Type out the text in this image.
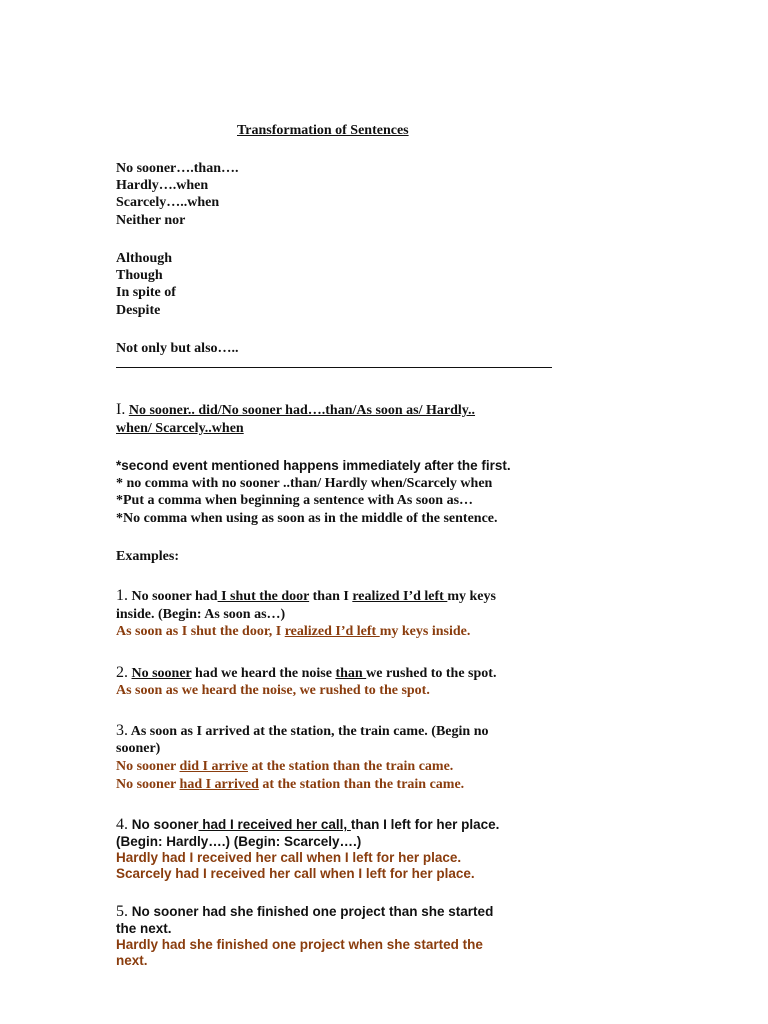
Transformation of Sentences
No sooner….than….
Hardly….when
Scarcely…..when
Neither nor
Although
Though
In spite of
Despite
Not only but also…..
I. No sooner.. did/No sooner had….than/As soon as/ Hardly..
when/ Scarcely..when
*second event mentioned happens immediately after the first.
* no comma with no sooner ..than/ Hardly when/Scarcely when
*Put a comma when beginning a sentence with As soon as…
*No comma when using as soon as in the middle of the sentence.
Examples:
1. No sooner had I shut the door than I realized I’d left my keys
inside. (Begin: As soon as…)
As soon as I shut the door, I realized I’d left my keys inside.
2. No sooner had we heard the noise than we rushed to the spot.
As soon as we heard the noise, we rushed to the spot.
3. As soon as I arrived at the station, the train came. (Begin no
sooner)
No sooner did I arrive at the station than the train came.
No sooner had I arrived at the station than the train came.
4. No sooner had I received her call, than I left for her place.
(Begin: Hardly….) (Begin: Scarcely….)
Hardly had I received her call when I left for her place.
Scarcely had I received her call when I left for her place.
5. No sooner had she finished one project than she started
the next.
Hardly had she finished one project when she started the
next.
